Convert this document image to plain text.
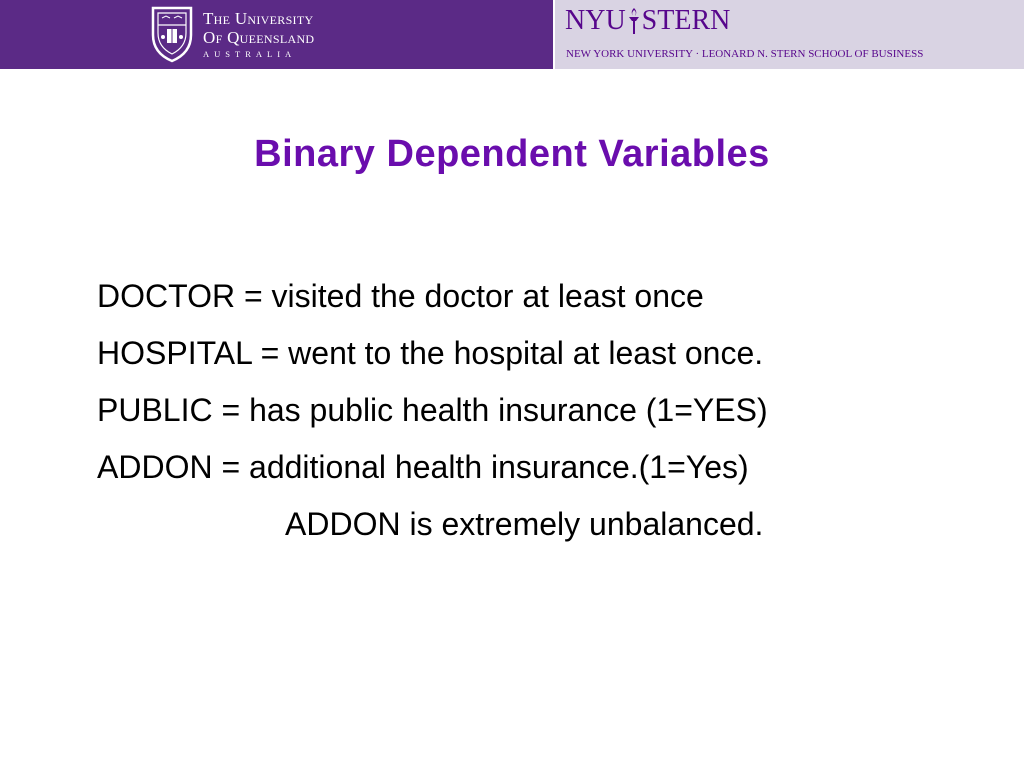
The University
Of Queensland
AUSTRALIA
NYU STERN
NEW YORK UNIVERSITY · LEONARD N. STERN SCHOOL OF BUSINESS
Binary Dependent Variables
DOCTOR = visited the doctor at least once
HOSPITAL = went to the hospital at least once.
PUBLIC = has public health insurance (1=YES)
ADDON = additional health insurance.(1=Yes)
ADDON is extremely unbalanced.
